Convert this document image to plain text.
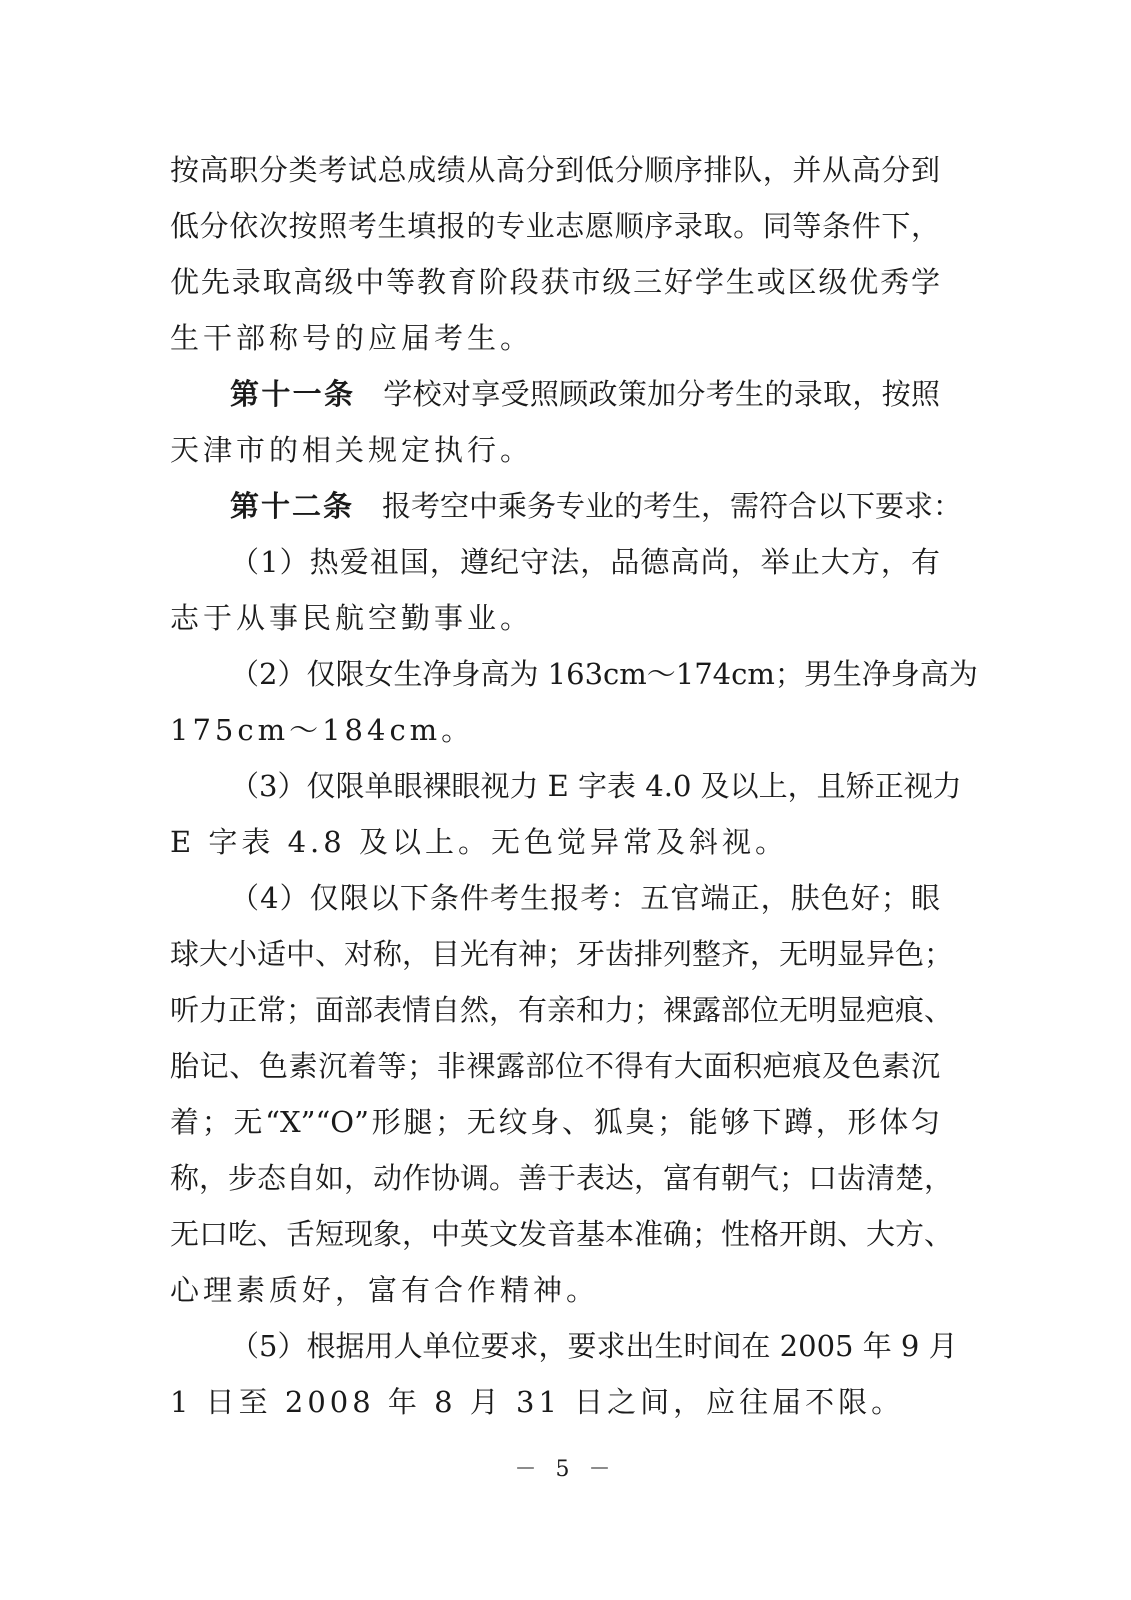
按高职分类考试总成绩从高分到低分顺序排队，并从高分到
低分依次按照考生填报的专业志愿顺序录取。同等条件下，
优先录取高级中等教育阶段获市级三好学生或区级优秀学
生干部称号的应届考生。
第十一条 学校对享受照顾政策加分考生的录取，按照
天津市的相关规定执行。
第十二条 报考空中乘务专业的考生，需符合以下要求：
（1）热爱祖国，遵纪守法，品德高尚，举止大方，有
志于从事民航空勤事业。
（2）仅限女生净身高为 163cm～174cm；男生净身高为
175cm～184cm。
（3）仅限单眼裸眼视力 E 字表 4.0 及以上，且矫正视力
E 字表 4.8 及以上。无色觉异常及斜视。
（4）仅限以下条件考生报考：五官端正，肤色好；眼
球大小适中、对称，目光有神；牙齿排列整齐，无明显异色；
听力正常；面部表情自然，有亲和力；裸露部位无明显疤痕、
胎记、色素沉着等；非裸露部位不得有大面积疤痕及色素沉
着；无“X”“O”形腿；无纹身、狐臭；能够下蹲，形体匀
称，步态自如，动作协调。善于表达，富有朝气；口齿清楚，
无口吃、舌短现象，中英文发音基本准确；性格开朗、大方、
心理素质好，富有合作精神。
（5）根据用人单位要求，要求出生时间在 2005 年 9 月
1 日至 2008 年 8 月 31 日之间，应往届不限。
－ 5 －
